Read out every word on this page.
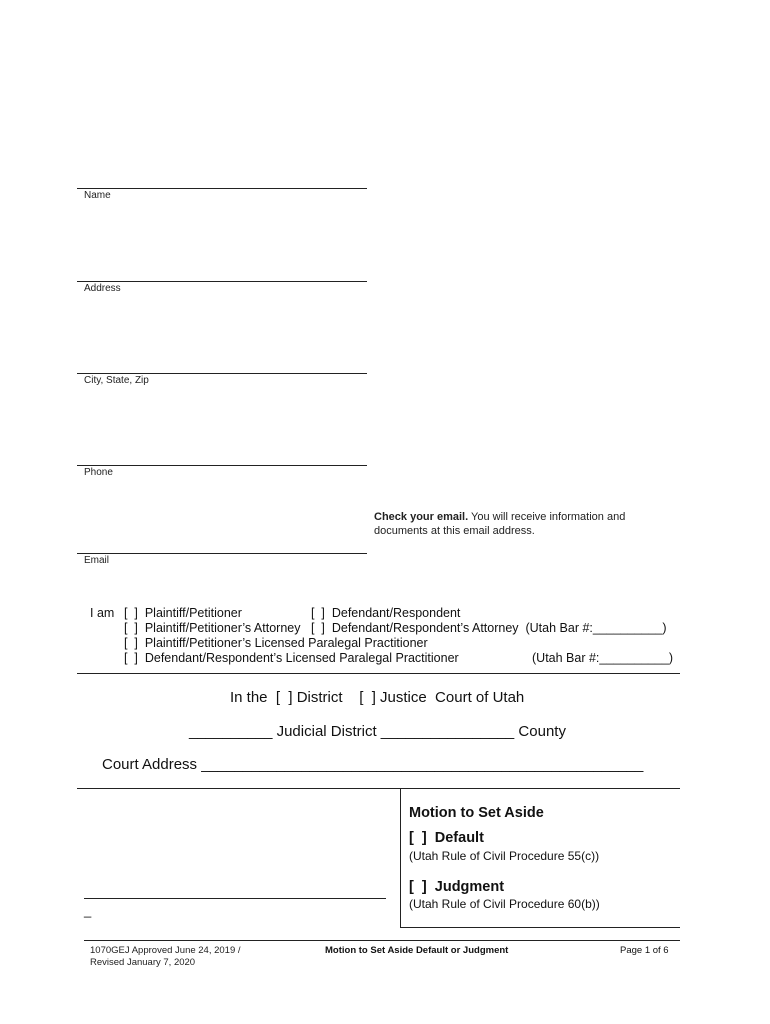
Name
Address
City, State, Zip
Phone
Email
Check your email. You will receive information and
documents at this email address.
I am [  ]  Plaintiff/Petitioner	[  ]  Defendant/Respondent
[  ]  Plaintiff/Petitioner’s Attorney [  ]  Defendant/Respondent’s Attorney  (Utah Bar #:__________)
[  ]  Plaintiff/Petitioner’s Licensed Paralegal Practitioner
[  ]  Defendant/Respondent’s Licensed Paralegal Practitioner	(Utah Bar #:__________)
In the  [  ] District    [  ] Justice  Court of Utah
__________ Judicial District ________________ County
Court Address _____________________________________________________
_
Motion to Set Aside
[  ]  Default
(Utah Rule of Civil Procedure 55(c))
[  ]  Judgment
(Utah Rule of Civil Procedure 60(b))
1070GEJ Approved June 24, 2019 /
Revised January 7, 2020
Motion to Set Aside Default or Judgment	Page 1 of 6
